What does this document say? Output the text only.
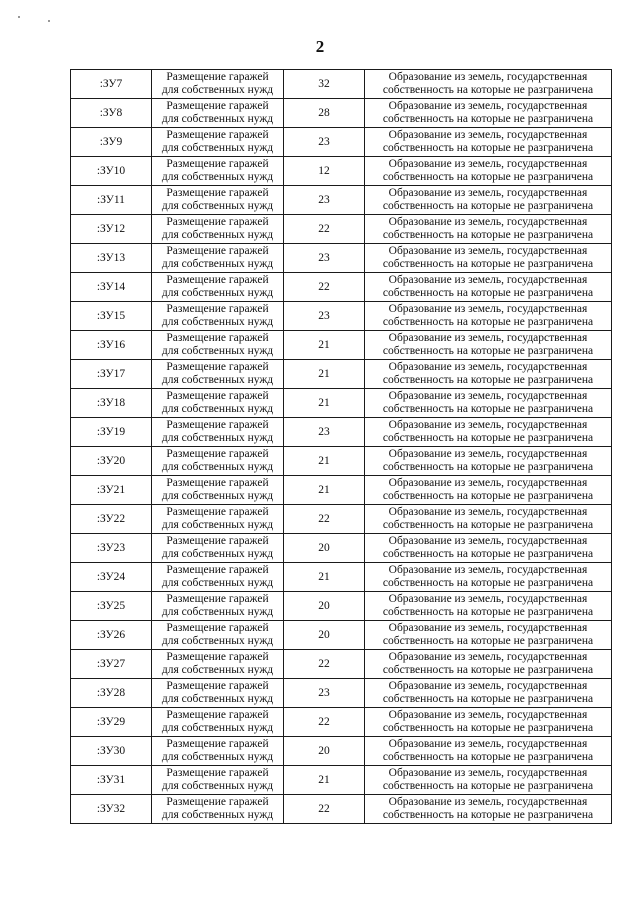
2
:ЗУ7	Размещение гаражей
для собственных нужд	32	Образование из земель, государственная
собственность на которые не разграничена

:ЗУ8	Размещение гаражей
для собственных нужд	28	Образование из земель, государственная
собственность на которые не разграничена

:ЗУ9	Размещение гаражей
для собственных нужд	23	Образование из земель, государственная
собственность на которые не разграничена

:ЗУ10	Размещение гаражей
для собственных нужд	12	Образование из земель, государственная
собственность на которые не разграничена

:ЗУ11	Размещение гаражей
для собственных нужд	23	Образование из земель, государственная
собственность на которые не разграничена

:ЗУ12	Размещение гаражей
для собственных нужд	22	Образование из земель, государственная
собственность на которые не разграничена

:ЗУ13	Размещение гаражей
для собственных нужд	23	Образование из земель, государственная
собственность на которые не разграничена

:ЗУ14	Размещение гаражей
для собственных нужд	22	Образование из земель, государственная
собственность на которые не разграничена

:ЗУ15	Размещение гаражей
для собственных нужд	23	Образование из земель, государственная
собственность на которые не разграничена

:ЗУ16	Размещение гаражей
для собственных нужд	21	Образование из земель, государственная
собственность на которые не разграничена

:ЗУ17	Размещение гаражей
для собственных нужд	21	Образование из земель, государственная
собственность на которые не разграничена

:ЗУ18	Размещение гаражей
для собственных нужд	21	Образование из земель, государственная
собственность на которые не разграничена

:ЗУ19	Размещение гаражей
для собственных нужд	23	Образование из земель, государственная
собственность на которые не разграничена

:ЗУ20	Размещение гаражей
для собственных нужд	21	Образование из земель, государственная
собственность на которые не разграничена

:ЗУ21	Размещение гаражей
для собственных нужд	21	Образование из земель, государственная
собственность на которые не разграничена

:ЗУ22	Размещение гаражей
для собственных нужд	22	Образование из земель, государственная
собственность на которые не разграничена

:ЗУ23	Размещение гаражей
для собственных нужд	20	Образование из земель, государственная
собственность на которые не разграничена

:ЗУ24	Размещение гаражей
для собственных нужд	21	Образование из земель, государственная
собственность на которые не разграничена

:ЗУ25	Размещение гаражей
для собственных нужд	20	Образование из земель, государственная
собственность на которые не разграничена

:ЗУ26	Размещение гаражей
для собственных нужд	20	Образование из земель, государственная
собственность на которые не разграничена

:ЗУ27	Размещение гаражей
для собственных нужд	22	Образование из земель, государственная
собственность на которые не разграничена

:ЗУ28	Размещение гаражей
для собственных нужд	23	Образование из земель, государственная
собственность на которые не разграничена

:ЗУ29	Размещение гаражей
для собственных нужд	22	Образование из земель, государственная
собственность на которые не разграничена

:ЗУ30	Размещение гаражей
для собственных нужд	20	Образование из земель, государственная
собственность на которые не разграничена

:ЗУ31	Размещение гаражей
для собственных нужд	21	Образование из земель, государственная
собственность на которые не разграничена

:ЗУ32	Размещение гаражей
для собственных нужд	22	Образование из земель, государственная
собственность на которые не разграничена
